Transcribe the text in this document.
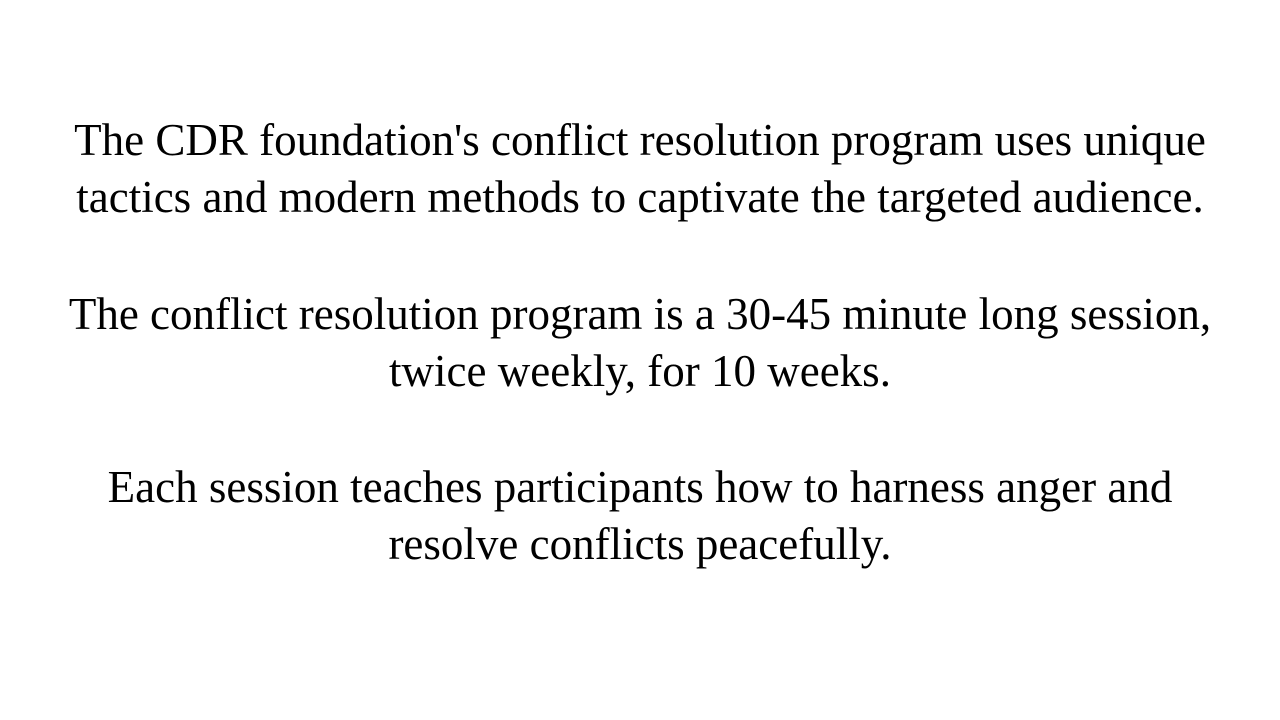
The CDR foundation's conflict resolution program uses unique
tactics and modern methods to captivate the targeted audience.

The conflict resolution program is a 30-45 minute long session,
twice weekly, for 10 weeks.

Each session teaches participants how to harness anger and
resolve conflicts peacefully.
